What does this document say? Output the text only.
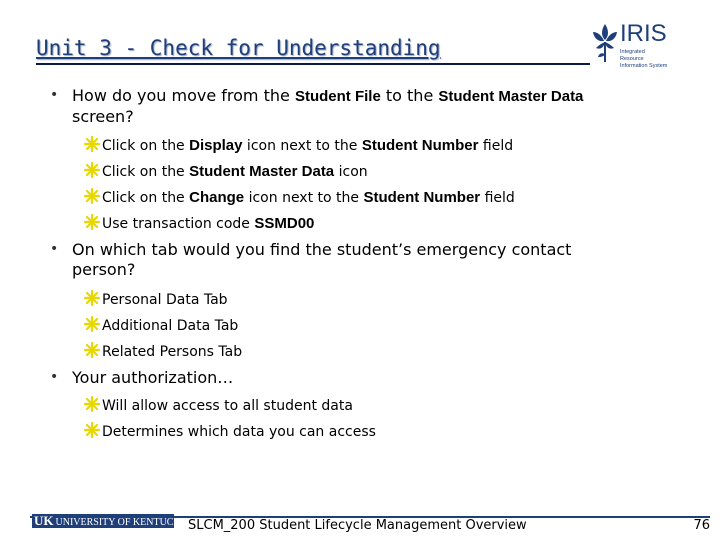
Unit 3 - Check for Understanding
IRIS
Integrated Resource Information System
• How do you move from the Student File to the Student Master Data screen?
Click on the Display icon next to the Student Number field
Click on the Student Master Data icon
Click on the Change icon next to the Student Number field
Use transaction code SSMD00
• On which tab would you find the student’s emergency contact person?
Personal Data Tab
Additional Data Tab
Related Persons Tab
• Your authorization…
Will allow access to all student data
Determines which data you can access
UK UNIVERSITY OF KENTUCKY SLCM_200 Student Lifecycle Management Overview	76
